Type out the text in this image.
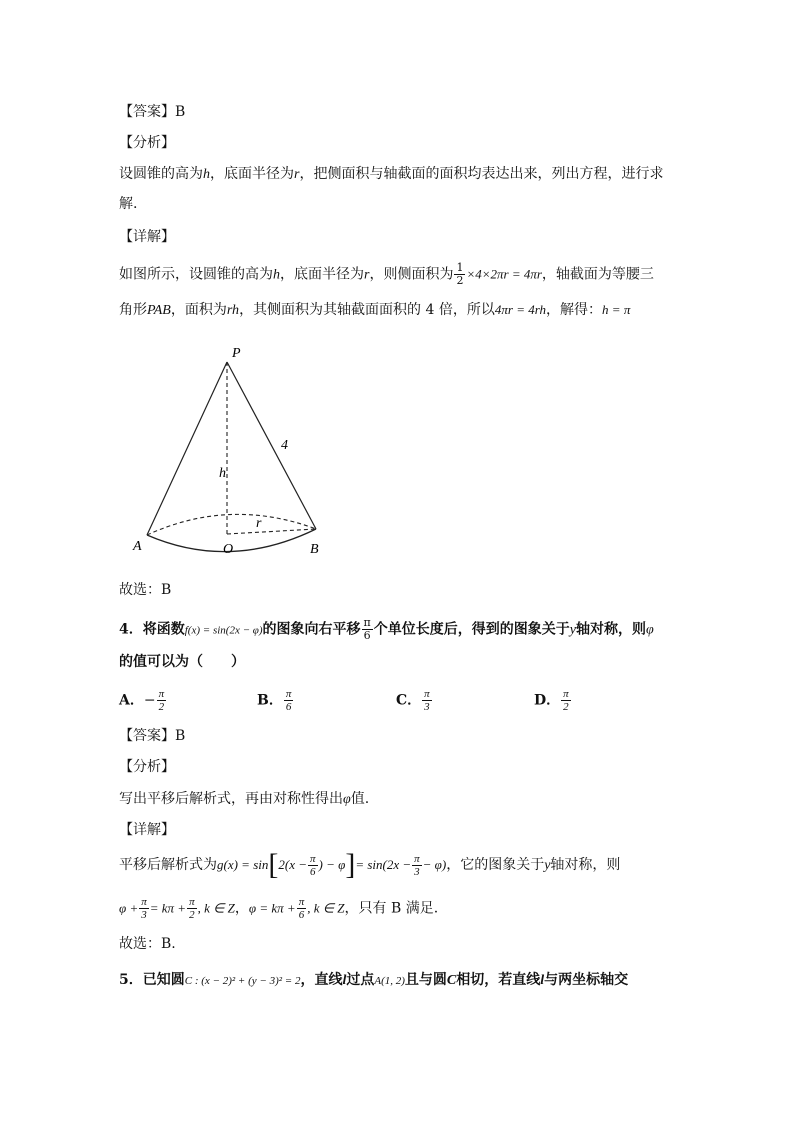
【答案】B
【分析】
设圆锥的高为h，底面半径为r，把侧面积与轴截面的面积均表达出来，列出方程，进行求
解.
【详解】
如图所示，设圆锥的高为h，底面半径为r，则侧面积为 $\frac{1}{2} \times 4\times 2\pi r = 4\pi r$，轴截面为等腰三
角形PAB，面积为rh，其侧面积为其轴截面面积的 4 倍，所以4πr = 4rh，解得：h = π
P
A	O	B
h
r
4
故选：B
4．将函数f(x) = sin(2x − φ)的图象向右平移 $\frac{\pi}{6}$ 个单位长度后，得到的图象关于y轴对称，则φ
的值可以为（　　）
A．− $\frac{\pi}{2}$	B． $\frac{\pi}{6}$	C． $\frac{\pi}{3}$	D． $\frac{\pi}{2}$
【答案】B
【分析】
写出平移后解析式，再由对称性得出φ值.
【详解】
平移后解析式为$g(x) = \sin[2(x - \frac{\pi}{6}$ ) − $\varphi]= \sin(2x - \frac{\pi}{3} - \varphi)$，它的图象关于y轴对称，则
$\varphi + \frac{\pi}{3} = k\pi + \frac{\pi}{2}$ , k ∈ Z，$\varphi = k\pi + \frac{\pi}{6}$ , k ∈ Z，只有 B 满足.
故选：B.
5．已知圆C : (x − 2)² + (y − 3)² = 2，直线l过点A(1, 2)且与圆C相切，若直线l与两坐标轴交
